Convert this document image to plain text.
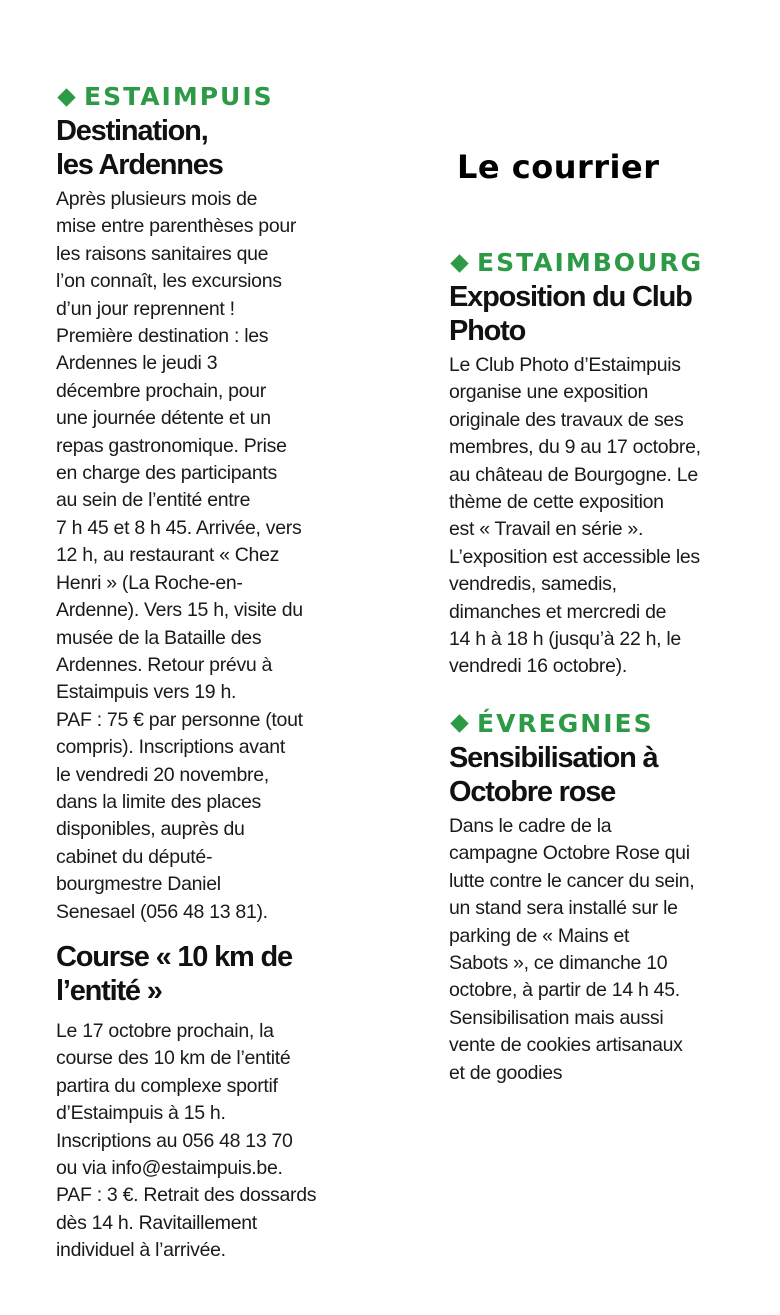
Le courrier
ESTAIMPUIS
Destination,
les Ardennes
Après plusieurs mois de
mise entre parenthèses pour
les raisons sanitaires que
l’on connaît, les excursions
d’un jour reprennent !
Première destination : les
Ardennes le jeudi 3
décembre prochain, pour
une journée détente et un
repas gastronomique. Prise
en charge des participants
au sein de l’entité entre
7 h 45 et 8 h 45. Arrivée, vers
12 h, au restaurant « Chez
Henri » (La Roche-en-
Ardenne). Vers 15 h, visite du
musée de la Bataille des
Ardennes. Retour prévu à
Estaimpuis vers 19 h.
PAF : 75 € par personne (tout
compris). Inscriptions avant
le vendredi 20 novembre,
dans la limite des places
disponibles, auprès du
cabinet du député-
bourgmestre Daniel
Senesael (056 48 13 81).
Course « 10 km de
l’entité »
Le 17 octobre prochain, la
course des 10 km de l’entité
partira du complexe sportif
d’Estaimpuis à 15 h.
Inscriptions au 056 48 13 70
ou via info@estaimpuis.be.
PAF : 3 €. Retrait des dossards
dès 14 h. Ravitaillement
individuel à l’arrivée.
ESTAIMBOURG
Exposition du Club
Photo
Le Club Photo d’Estaimpuis
organise une exposition
originale des travaux de ses
membres, du 9 au 17 octobre,
au château de Bourgogne. Le
thème de cette exposition
est « Travail en série ».
L’exposition est accessible les
vendredis, samedis,
dimanches et mercredi de
14 h à 18 h (jusqu’à 22 h, le
vendredi 16 octobre).
ÉVREGNIES
Sensibilisation à
Octobre rose
Dans le cadre de la
campagne Octobre Rose qui
lutte contre le cancer du sein,
un stand sera installé sur le
parking de « Mains et
Sabots », ce dimanche 10
octobre, à partir de 14 h 45.
Sensibilisation mais aussi
vente de cookies artisanaux
et de goodies
